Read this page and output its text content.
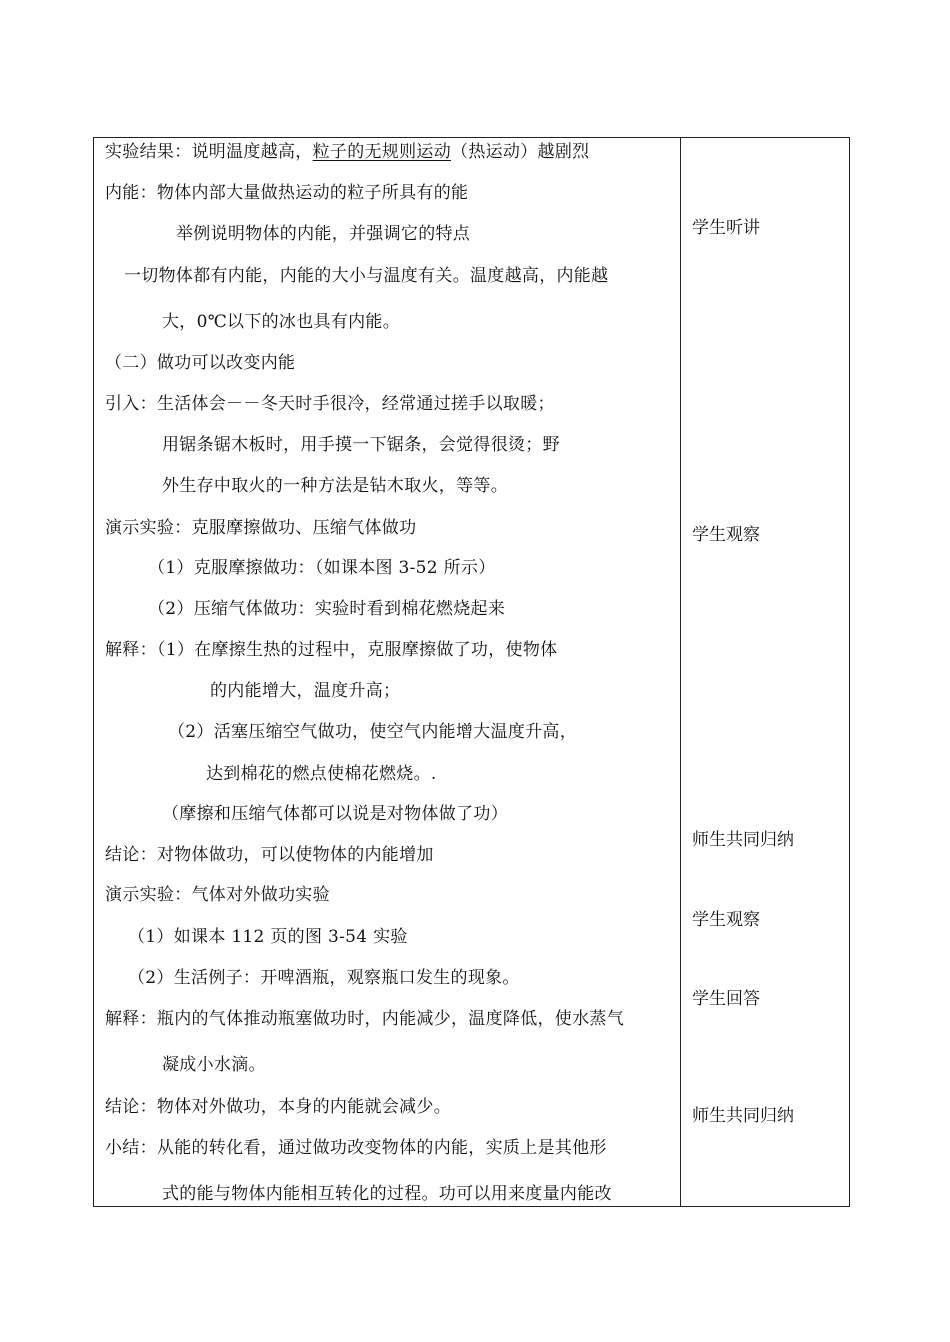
实验结果：说明温度越高，粒子的无规则运动（热运动）越剧烈
内能：物体内部大量做热运动的粒子所具有的能
举例说明物体的内能，并强调它的特点
一切物体都有内能，内能的大小与温度有关。温度越高，内能越
大，0℃以下的冰也具有内能。
（二）做功可以改变内能
引入：生活体会－－冬天时手很冷，经常通过搓手以取暖；
用锯条锯木板时，用手摸一下锯条，会觉得很烫；野
外生存中取火的一种方法是钻木取火，等等。
演示实验：克服摩擦做功、压缩气体做功
（1）克服摩擦做功：（如课本图 3-52 所示）
（2）压缩气体做功：实验时看到棉花燃烧起来
解释：（1）在摩擦生热的过程中，克服摩擦做了功，使物体
的内能增大，温度升高；
（2）活塞压缩空气做功，使空气内能增大温度升高，
达到棉花的燃点使棉花燃烧。.
（摩擦和压缩气体都可以说是对物体做了功）
结论：对物体做功，可以使物体的内能增加
演示实验：气体对外做功实验
（1）如课本 112 页的图 3-54 实验
（2）生活例子：开啤酒瓶，观察瓶口发生的现象。
解释：瓶内的气体推动瓶塞做功时，内能减少，温度降低，使水蒸气
凝成小水滴。
结论：物体对外做功，本身的内能就会减少。
小结：从能的转化看，通过做功改变物体的内能，实质上是其他形
式的能与物体内能相互转化的过程。功可以用来度量内能改
学生听讲
学生观察
师生共同归纳
学生观察
学生回答
师生共同归纳
